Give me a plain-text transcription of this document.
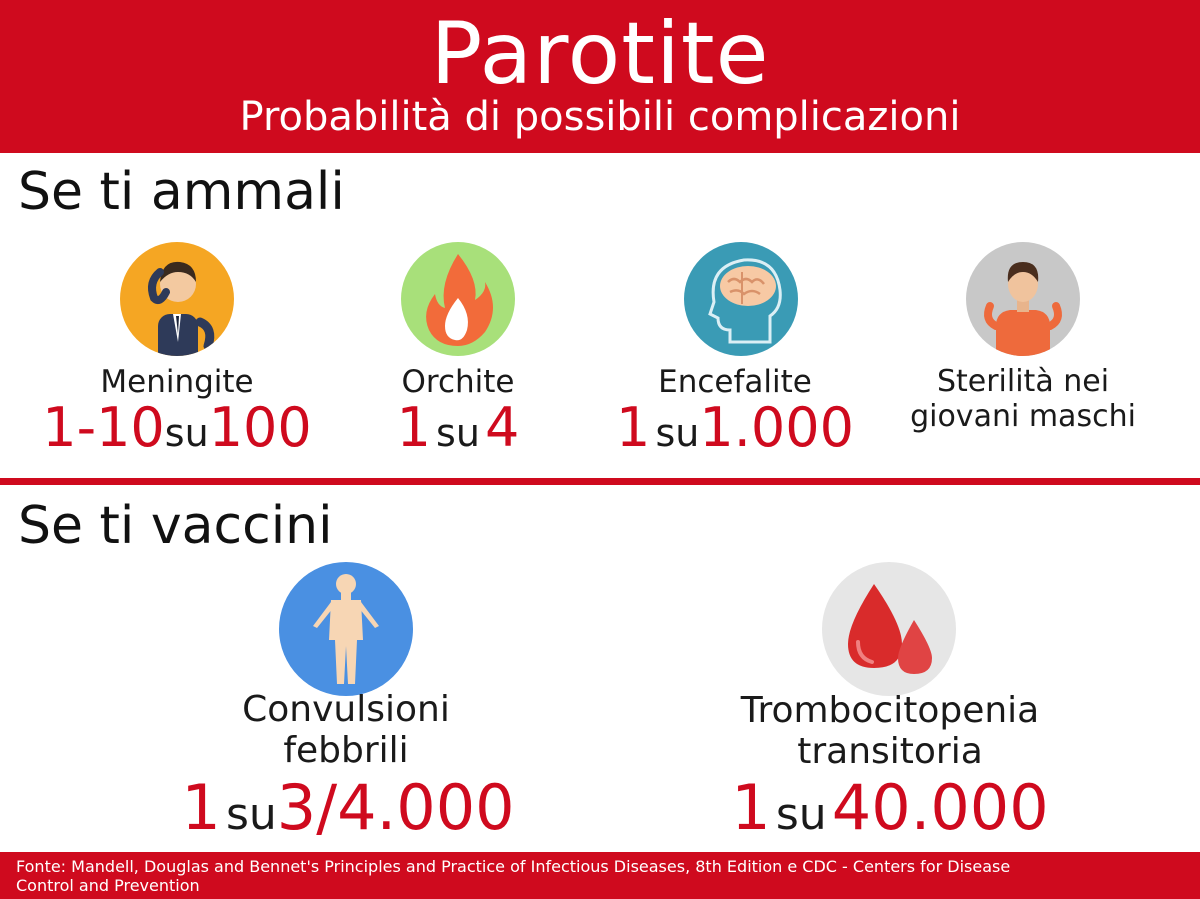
Parotite
Probabilità di possibili complicazioni
Se ti ammali
Meningite
1-10su100
Orchite
1 su 4
Encefalite
1 su1.000
Sterilità nei
giovani maschi
Se ti vaccini
Convulsioni
febbrili
1 su3/4.000
Trombocitopenia
transitoria
1 su 40.000
Fonte: Mandell, Douglas and Bennet's Principles and Practice of Infectious Diseases, 8th Edition e CDC - Centers for Disease
Control and Prevention
